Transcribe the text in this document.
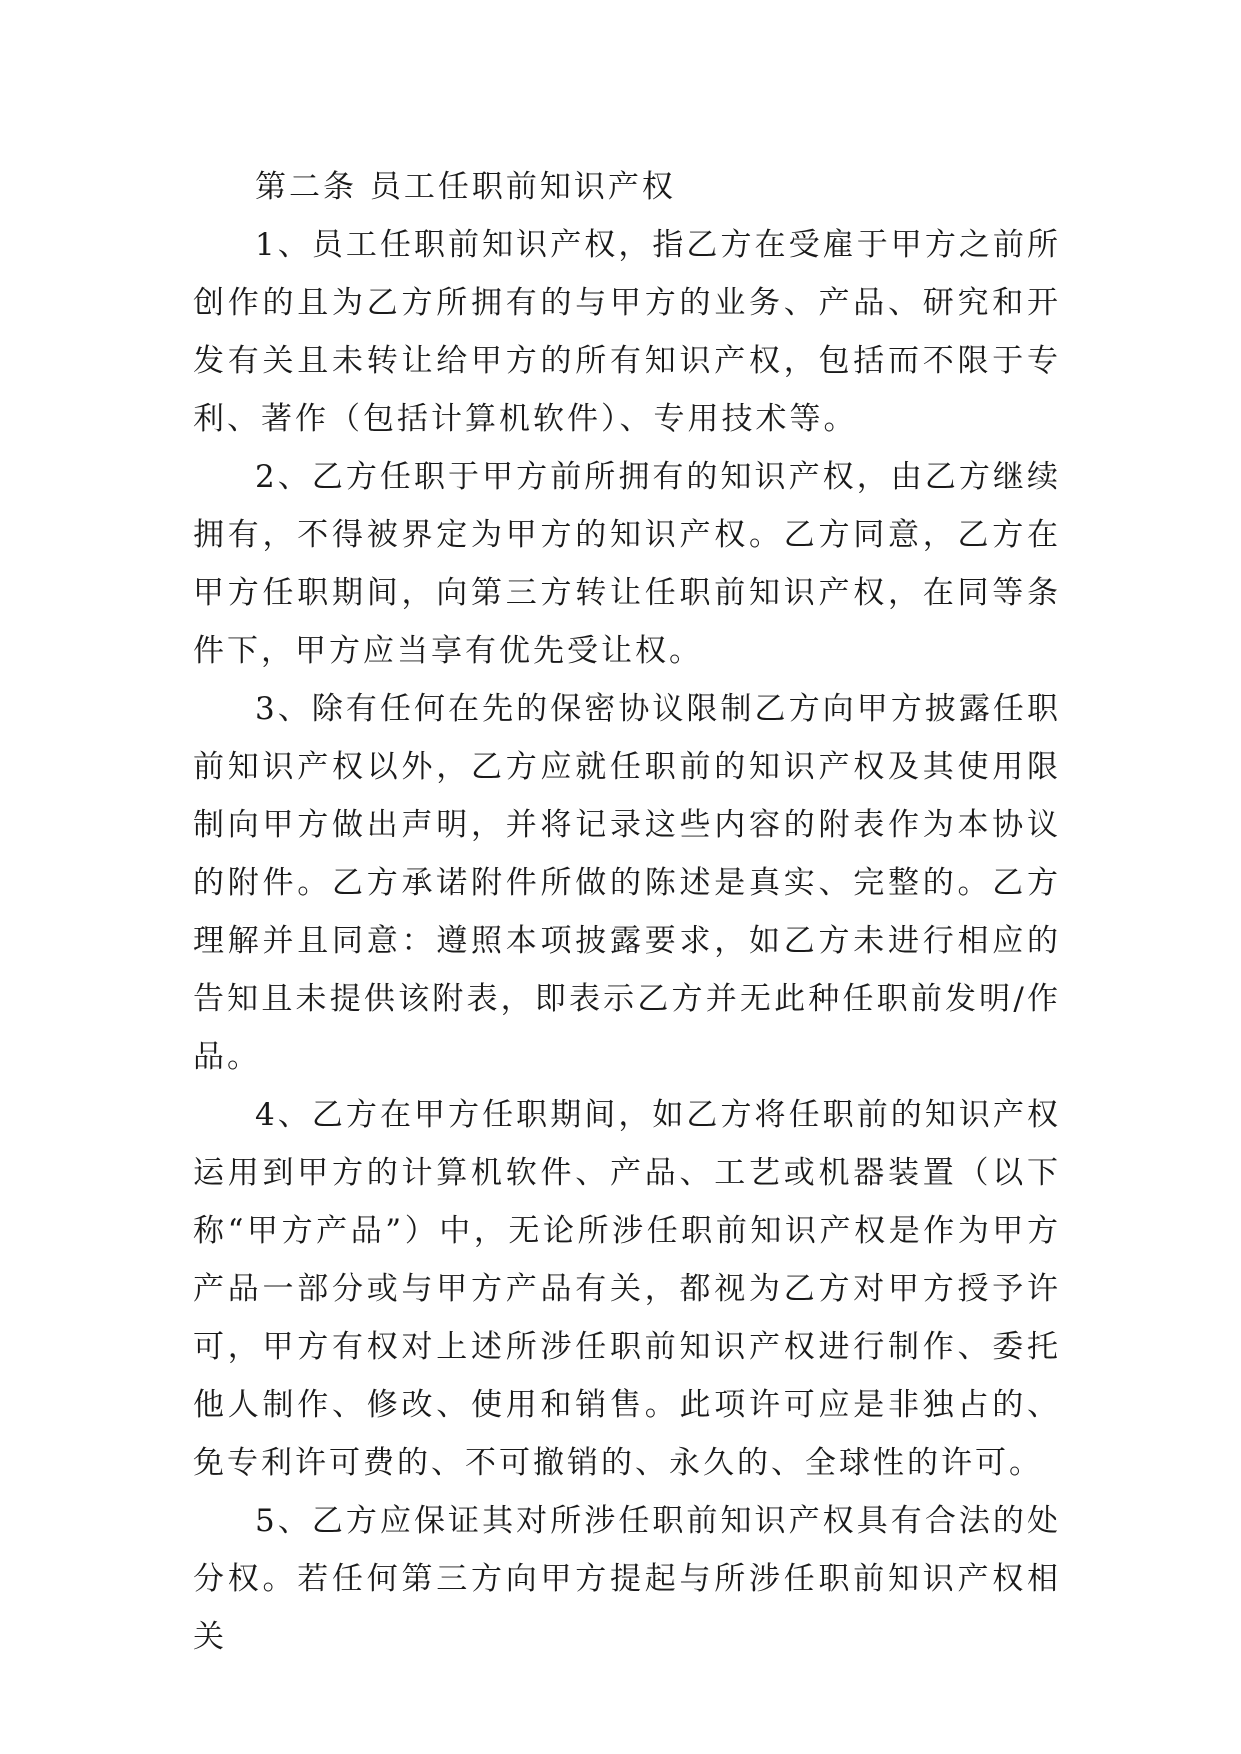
第二条 员工任职前知识产权

1、员工任职前知识产权，指乙方在受雇于甲方之前所创作的且为乙方所拥有的与甲方的业务、产品、研究和开发有关且未转让给甲方的所有知识产权，包括而不限于专利、著作（包括计算机软件）、专用技术等。

2、乙方任职于甲方前所拥有的知识产权，由乙方继续拥有，不得被界定为甲方的知识产权。乙方同意，乙方在甲方任职期间，向第三方转让任职前知识产权，在同等条件下，甲方应当享有优先受让权。

3、除有任何在先的保密协议限制乙方向甲方披露任职前知识产权以外，乙方应就任职前的知识产权及其使用限制向甲方做出声明，并将记录这些内容的附表作为本协议的附件。乙方承诺附件所做的陈述是真实、完整的。乙方理解并且同意：遵照本项披露要求，如乙方未进行相应的告知且未提供该附表，即表示乙方并无此种任职前发明/作品。

4、乙方在甲方任职期间，如乙方将任职前的知识产权运用到甲方的计算机软件、产品、工艺或机器装置（以下称“甲方产品”）中，无论所涉任职前知识产权是作为甲方产品一部分或与甲方产品有关，都视为乙方对甲方授予许可，甲方有权对上述所涉任职前知识产权进行制作、委托他人制作、修改、使用和销售。此项许可应是非独占的、免专利许可费的、不可撤销的、永久的、全球性的许可。

5、乙方应保证其对所涉任职前知识产权具有合法的处分权。若任何第三方向甲方提起与所涉任职前知识产权相关
